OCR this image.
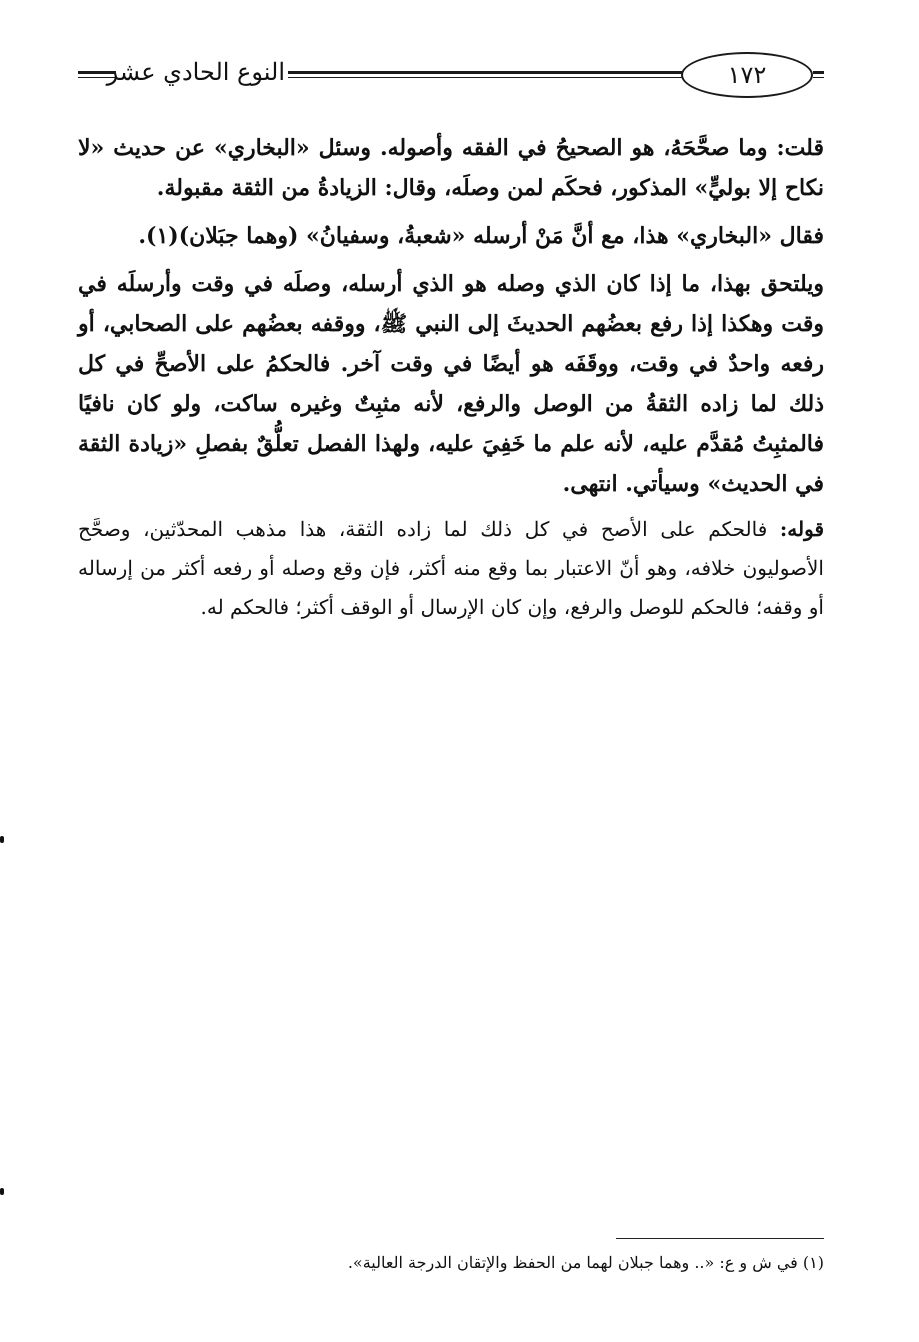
النوع الحادي عشر	١٧٢

قلت: وما صحَّحَهُ، هو الصحيحُ في الفقه وأصوله. وسئل «البخاري» عن حديث «لا نكاح إلا بوليٍّ» المذكور، فحكَم لمن وصلَه، وقال: الزيادةُ من الثقة مقبولة.

فقال «البخاري» هذا، مع أنَّ مَنْ أرسله «شعبةُ، وسفيانُ» (وهما جبَلان)(١).

ويلتحق بهذا، ما إذا كان الذي وصله هو الذي أرسله، وصلَه في وقت وأرسلَه في وقت وهكذا إذا رفع بعضُهم الحديثَ إلى النبي ﷺ، ووقفه بعضُهم على الصحابي، أو رفعه واحدٌ في وقت، ووقَفَه هو أيضًا في وقت آخر. فالحكمُ على الأصحِّ في كل ذلك لما زاده الثقةُ من الوصل والرفع، لأنه مثبِتٌ وغيره ساكت، ولو كان نافيًا فالمثبِتُ مُقدَّم عليه، لأنه علم ما خَفِيَ عليه، ولهذا الفصل تعلُّقٌ بفصلِ «زيادة الثقة في الحديث» وسيأتي. انتهى.

قوله: فالحكم على الأصح في كل ذلك لما زاده الثقة، هذا مذهب المحدّثين، وصحَّح الأصوليون خلافه، وهو أنّ الاعتبار بما وقع منه أكثر، فإن وقع وصله أو رفعه أكثر من إرساله أو وقفه؛ فالحكم للوصل والرفع، وإن كان الإرسال أو الوقف أكثر؛ فالحكم له.

(١) في ش و ع: «.. وهما جبلان لهما من الحفظ والإتقان الدرجة العالية».
